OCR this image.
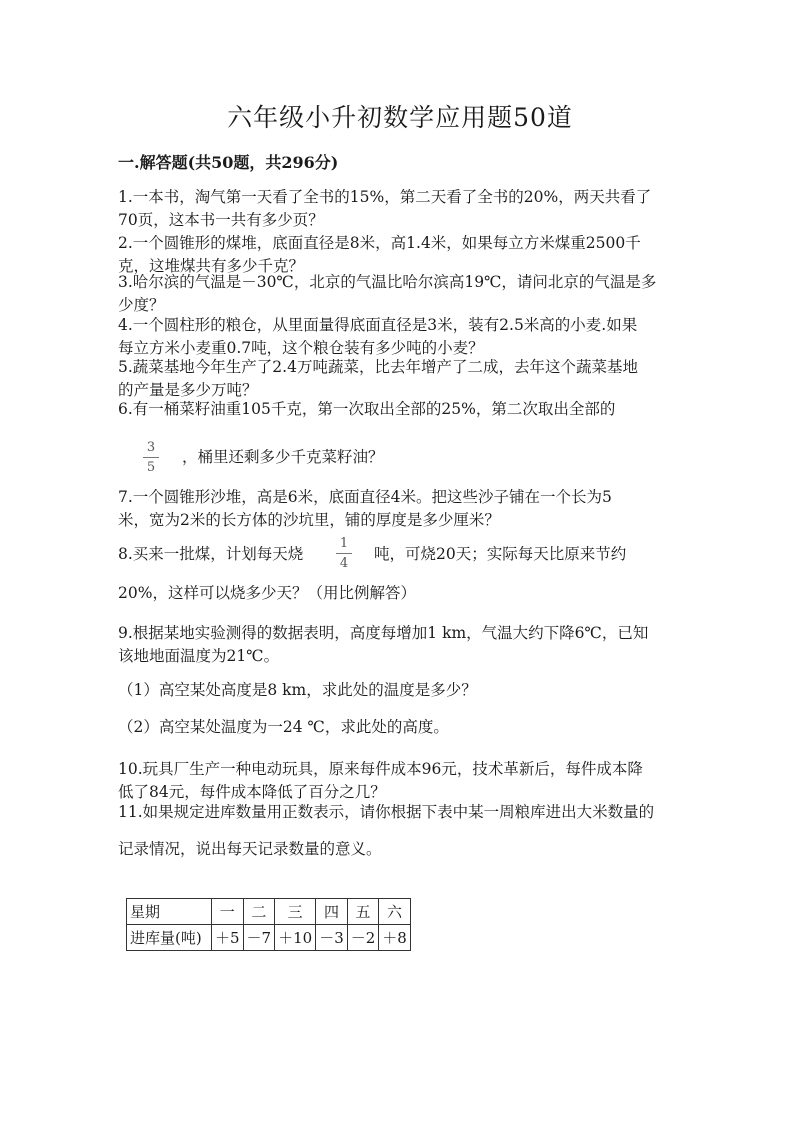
六年级小升初数学应用题50道
一.解答题(共50题，共296分)
1.一本书，淘气第一天看了全书的15%，第二天看了全书的20%，两天共看了
70页，这本书一共有多少页？
2.一个圆锥形的煤堆，底面直径是8米，高1.4米，如果每立方米煤重2500千
克，这堆煤共有多少千克？
3.哈尔滨的气温是－30℃，北京的气温比哈尔滨高19℃，请问北京的气温是多
少度？
4.一个圆柱形的粮仓，从里面量得底面直径是3米，装有2.5米高的小麦.如果
每立方米小麦重0.7吨，这个粮仓装有多少吨的小麦？
5.蔬菜基地今年生产了2.4万吨蔬菜，比去年增产了二成，去年这个蔬菜基地
的产量是多少万吨？
6.有一桶菜籽油重105千克，第一次取出全部的25%，第二次取出全部的
3
5
，桶里还剩多少千克菜籽油？
7.一个圆锥形沙堆，高是6米，底面直径4米。把这些沙子铺在一个长为5
米，宽为2米的长方体的沙坑里，铺的厚度是多少厘米？
8.买来一批煤，计划每天烧
1
4
吨，可烧20天；实际每天比原来节约
20%，这样可以烧多少天？（用比例解答）
9.根据某地实验测得的数据表明，高度每增加1 km，气温大约下降6℃，已知
该地地面温度为21℃。
（1）高空某处高度是8 km，求此处的温度是多少？
（2）高空某处温度为一24 ℃，求此处的高度。
10.玩具厂生产一种电动玩具，原来每件成本96元，技术革新后，每件成本降
低了84元，每件成本降低了百分之几？
11.如果规定进库数量用正数表示，请你根据下表中某一周粮库进出大米数量的
记录情况，说出每天记录数量的意义。
星期	一	二	三	四	五	六
进库量(吨)	＋5	－7	＋10	－3	－2	＋8
